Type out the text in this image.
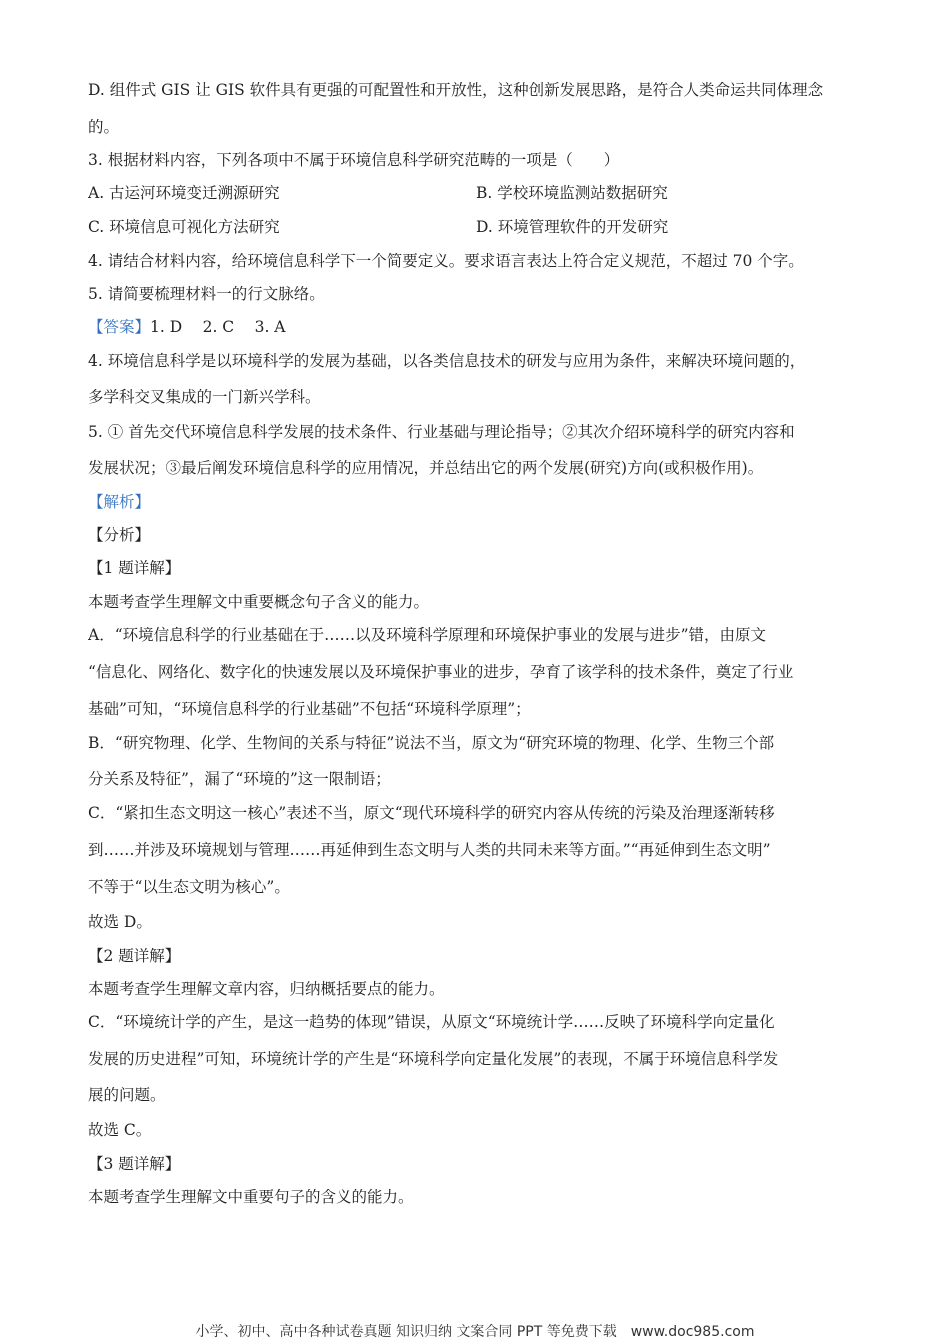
D. 组件式 GIS 让 GIS 软件具有更强的可配置性和开放性，这种创新发展思路，是符合人类命运共同体理念
的。
3. 根据材料内容，下列各项中不属于环境信息科学研究范畴的一项是（　　）
A. 古运河环境变迁溯源研究	B. 学校环境监测站数据研究
C. 环境信息可视化方法研究	D. 环境管理软件的开发研究
4. 请结合材料内容，给环境信息科学下一个简要定义。要求语言表达上符合定义规范，不超过 70 个字。
5. 请简要梳理材料一的行文脉络。
【答案】1. D　 2. C　 3. A
4. 环境信息科学是以环境科学的发展为基础，以各类信息技术的研发与应用为条件，来解决环境问题的，
多学科交叉集成的一门新兴学科。
5. ① 首先交代环境信息科学发展的技术条件、行业基础与理论指导；②其次介绍环境科学的研究内容和
发展状况；③最后阐发环境信息科学的应用情况，并总结出它的两个发展(研究)方向(或积极作用)。
【解析】
【分析】
【1 题详解】
本题考查学生理解文中重要概念句子含义的能力。
A．“环境信息科学的行业基础在于……以及环境科学原理和环境保护事业的发展与进步”错，由原文
“信息化、网络化、数字化的快速发展以及环境保护事业的进步，孕育了该学科的技术条件，奠定了行业
基础”可知，“环境信息科学的行业基础”不包括“环境科学原理”；
B．“研究物理、化学、生物间的关系与特征”说法不当，原文为“研究环境的物理、化学、生物三个部
分关系及特征”，漏了“环境的”这一限制语；
C．“紧扣生态文明这一核心”表述不当，原文“现代环境科学的研究内容从传统的污染及治理逐渐转移
到……并涉及环境规划与管理……再延伸到生态文明与人类的共同未来等方面。”“再延伸到生态文明”
不等于“以生态文明为核心”。
故选 D。
【2 题详解】
本题考查学生理解文章内容，归纳概括要点的能力。
C．“环境统计学的产生，是这一趋势的体现”错误，从原文“环境统计学……反映了环境科学向定量化
发展的历史进程”可知，环境统计学的产生是“环境科学向定量化发展”的表现，不属于环境信息科学发
展的问题。
故选 C。
【3 题详解】
本题考查学生理解文中重要句子的含义的能力。
小学、初中、高中各种试卷真题 知识归纳 文案合同 PPT 等免费下载　www.doc985.com
